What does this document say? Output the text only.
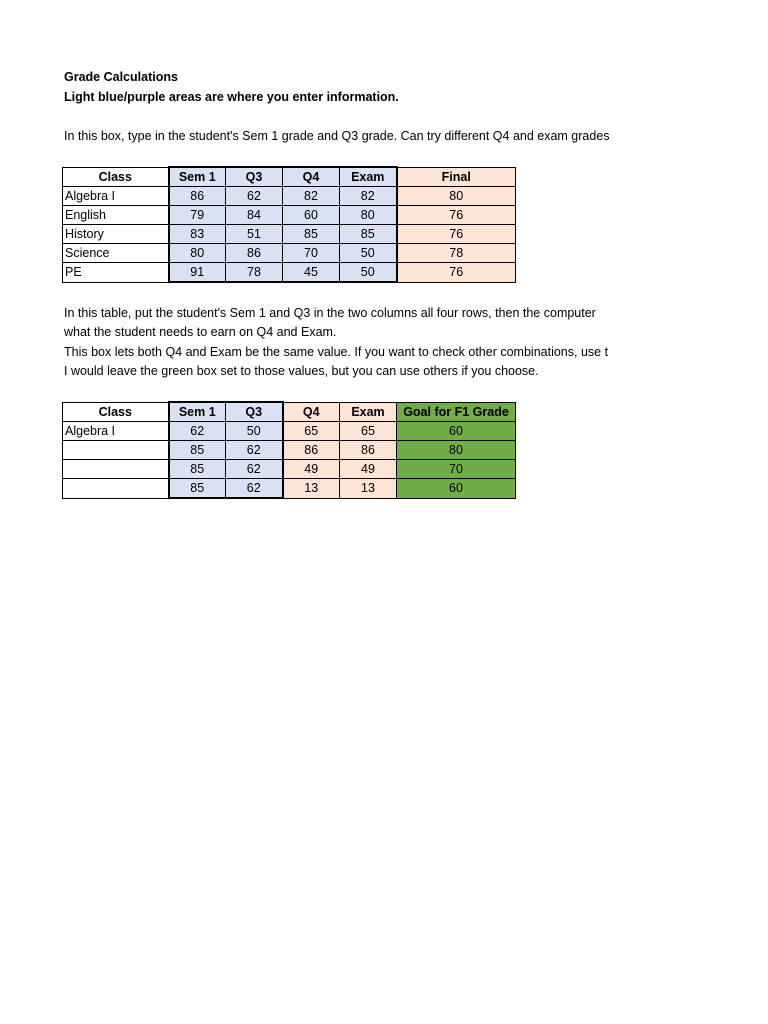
Grade Calculations
Light blue/purple areas are where you enter information.
In this box, type in the student's Sem 1 grade and Q3 grade. Can try different Q4 and exam grades
Class	Sem 1	Q3	Q4	Exam	Final
Algebra I	86	62	82	82	80
English	79	84	60	80	76
History	83	51	85	85	76
Science	80	86	70	50	78
PE	91	78	45	50	76
In this table, put the student's Sem 1 and Q3 in the two columns all four rows, then the computer
what the student needs to earn on Q4 and Exam.
This box lets both Q4 and Exam be the same value. If you want to check other combinations, use t
I would leave the green box set to those values, but you can use others if you choose.
Class	Sem 1	Q3	Q4	Exam	Goal for F1 Grade
Algebra I	62	50	65	65	60
	85	62	86	86	80
	85	62	49	49	70
	85	62	13	13	60
